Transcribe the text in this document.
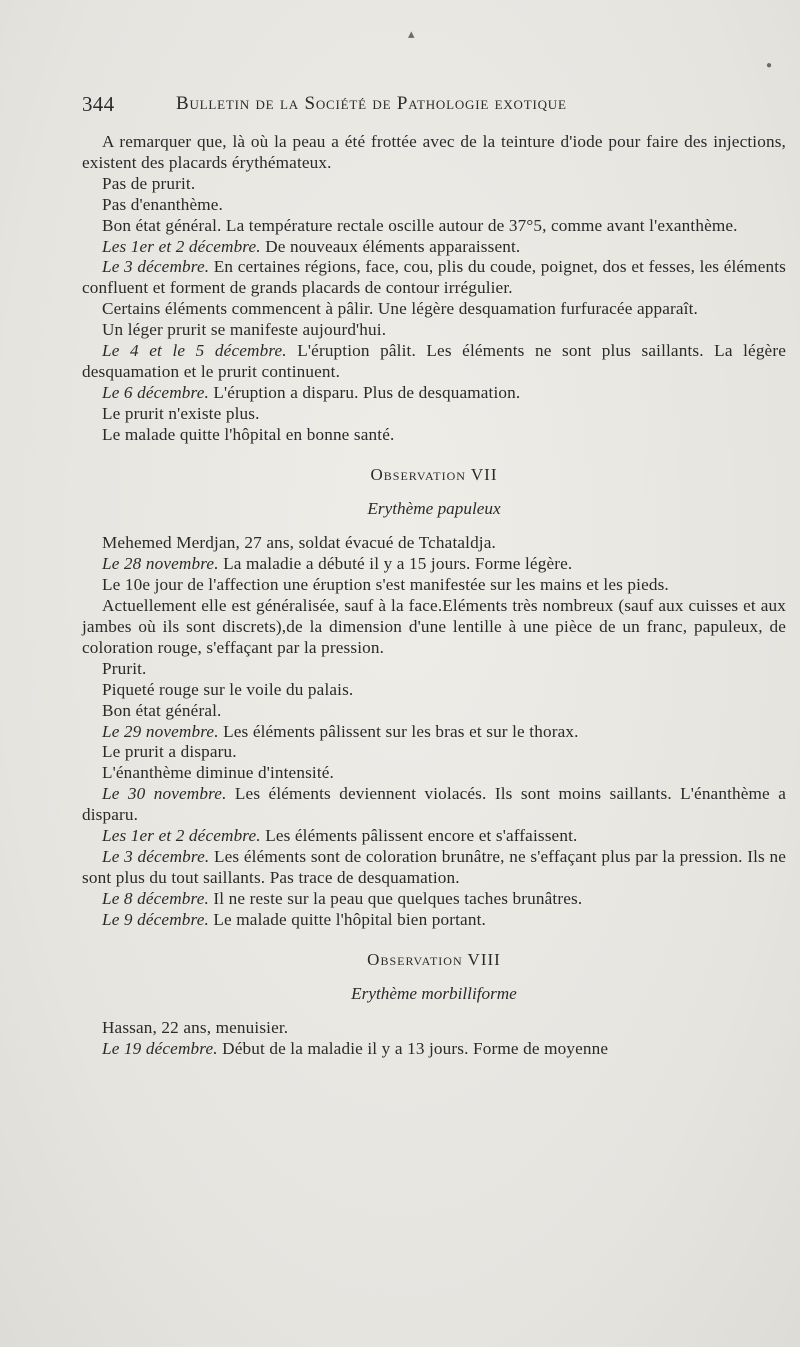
▴
●
344	Bulletin de la Société de Pathologie exotique

A remarquer que, là où la peau a été frottée avec de la teinture d'iode pour faire des injections, existent des placards érythémateux.

Pas de prurit.

Pas d'enanthème.

Bon état général. La température rectale oscille autour de 37°5, comme avant l'exanthème.

Les 1er et 2 décembre. De nouveaux éléments apparaissent.

Le 3 décembre. En certaines régions, face, cou, plis du coude, poignet, dos et fesses, les éléments confluent et forment de grands placards de contour irrégulier.

Certains éléments commencent à pâlir. Une légère desquamation furfuracée apparaît.

Un léger prurit se manifeste aujourd'hui.

Le 4 et le 5 décembre. L'éruption pâlit. Les éléments ne sont plus saillants. La légère desquamation et le prurit continuent.

Le 6 décembre. L'éruption a disparu. Plus de desquamation.

Le prurit n'existe plus.

Le malade quitte l'hôpital en bonne santé.

Observation VII

Erythème papuleux

Mehemed Merdjan, 27 ans, soldat évacué de Tchataldja.

Le 28 novembre. La maladie a débuté il y a 15 jours. Forme légère.

Le 10e jour de l'affection une éruption s'est manifestée sur les mains et les pieds.

Actuellement elle est généralisée, sauf à la face.Eléments très nombreux (sauf aux cuisses et aux jambes où ils sont discrets),de la dimension d'une lentille à une pièce de un franc, papuleux, de coloration rouge, s'effaçant par la pression.

Prurit.

Piqueté rouge sur le voile du palais.

Bon état général.

Le 29 novembre. Les éléments pâlissent sur les bras et sur le thorax.

Le prurit a disparu.

L'énanthème diminue d'intensité.

Le 30 novembre. Les éléments deviennent violacés. Ils sont moins saillants. L'énanthème a disparu.

Les 1er et 2 décembre. Les éléments pâlissent encore et s'affaissent.

Le 3 décembre. Les éléments sont de coloration brunâtre, ne s'effaçant plus par la pression. Ils ne sont plus du tout saillants. Pas trace de desquamation.

Le 8 décembre. Il ne reste sur la peau que quelques taches brunâtres.

Le 9 décembre. Le malade quitte l'hôpital bien portant.

Observation VIII

Erythème morbilliforme

Hassan, 22 ans, menuisier.

Le 19 décembre. Début de la maladie il y a 13 jours. Forme de moyenne
